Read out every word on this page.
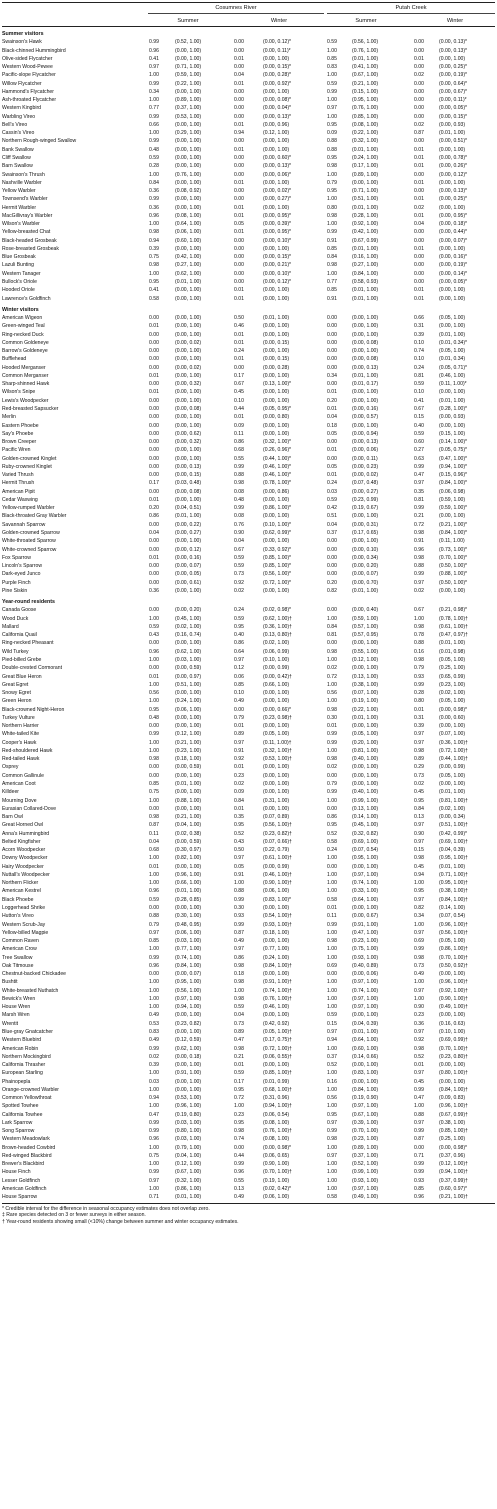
Cosumnes River	Putah Creek
Summer	Winter	Summer	Winter
Summer visitors
Swainson's Hawk	0.99	(0.52, 1.00)	0.00	(0.00, 0.12)*	0.59	(0.56, 1.00)	0.00	(0.00, 0.13)*
Black-chinned Hummingbird	0.96	(0.00, 1.00)	0.00	(0.00, 0.11)*	1.00	(0.76, 1.00)	0.00	(0.00, 0.13)*
Olive-sided Flycatcher	0.41	(0.00, 1.00)	0.01	(0.00, 1.00)	0.85	(0.01, 1.00)	0.01	(0.00, 1.00)
Western Wood-Pewee	0.97	(0.71, 1.00)	0.00	(0.00, 0.15)*	0.83	(0.41, 1.00)	0.00	(0.00, 0.25)*
Pacific-slope Flycatcher	1.00	(0.59, 1.00)	0.04	(0.00, 0.28)*	1.00	(0.67, 1.00)	0.02	(0.00, 0.19)*
Willow Flycatcher	0.99	(0.22, 1.00)	0.01	(0.00, 0.92)*	0.59	(0.21, 1.00)	0.00	(0.00, 0.64)*
Hammond's Flycatcher	0.34	(0.00, 1.00)	0.00	(0.00, 1.00)	0.99	(0.15, 1.00)	0.00	(0.00, 0.67)*
Ash-throated Flycatcher	1.00	(0.89, 1.00)	0.00	(0.00, 0.08)*	1.00	(0.95, 1.00)	0.00	(0.00, 0.11)*
Western Kingbird	0.77	(0.37, 1.00)	0.00	(0.00, 0.04)*	0.97	(0.76, 1.00)	0.00	(0.00, 0.05)*
Warbling Vireo	0.99	(0.53, 1.00)	0.00	(0.00, 0.13)*	1.00	(0.85, 1.00)	0.00	(0.00, 0.15)*
Bell's Vireo	0.66	(0.00, 1.00)	0.01	(0.00, 0.96)	0.95	(0.08, 1.00)	0.02	(0.00, 0.93)
Cassin's Vireo	1.00	(0.29, 1.00)	0.94	(0.12, 1.00)	0.09	(0.22, 1.00)	0.87	(0.01, 1.00)
Northern Rough-winged Swallow	0.99	(0.00, 1.00)	0.00	(0.00, 1.00)	0.88	(0.32, 1.00)	0.00	(0.00, 0.51)*
Bank Swallow	0.48	(0.00, 1.00)	0.01	(0.00, 1.00)	0.88	(0.01, 1.00)	0.01	(0.00, 1.00)
Cliff Swallow	0.59	(0.00, 1.00)	0.00	(0.00, 0.60)*	0.95	(0.24, 1.00)	0.01	(0.00, 0.78)*
Barn Swallow	0.28	(0.00, 1.00)	0.00	(0.00, 0.13)*	0.98	(0.17, 1.00)	0.01	(0.00, 0.26)*
Swainson's Thrush	1.00	(0.76, 1.00)	0.00	(0.00, 0.06)*	1.00	(0.89, 1.00)	0.00	(0.00, 0.12)*
Nashville Warbler	0.84	(0.00, 1.00)	0.01	(0.00, 1.00)	0.79	(0.00, 1.00)	0.01	(0.00, 1.00)
Yellow Warbler	0.36	(0.08, 0.92)	0.00	(0.00, 0.02)*	0.95	(0.71, 1.00)	0.00	(0.00, 0.13)*
Townsend's Warbler	0.99	(0.00, 1.00)	0.00	(0.00, 0.27)*	1.00	(0.51, 1.00)	0.01	(0.00, 0.25)*
Hermit Warbler	0.36	(0.00, 1.00)	0.01	(0.00, 1.00)	0.80	(0.01, 1.00)	0.02	(0.00, 1.00)
MacGillivray's Warbler	0.96	(0.08, 1.00)	0.01	(0.00, 0.95)*	0.98	(0.28, 1.00)	0.01	(0.00, 0.95)*
Wilson's Warbler	1.00	(0.64, 1.00)	0.05	(0.00, 0.39)*	1.00	(0.92, 1.00)	0.04	(0.00, 0.18)*
Yellow-breasted Chat	0.98	(0.06, 1.00)	0.01	(0.00, 0.95)*	0.99	(0.42, 1.00)	0.00	(0.00, 0.44)*
Black-headed Grosbeak	0.94	(0.60, 1.00)	0.00	(0.00, 0.10)*	0.91	(0.67, 0.99)	0.00	(0.00, 0.07)*
Rose-breasted Grosbeak	0.39	(0.00, 1.00)	0.00	(0.00, 1.00)	0.85	(0.01, 1.00)	0.01	(0.00, 1.00)
Blue Grosbeak	0.75	(0.42, 1.00)	0.00	(0.00, 0.15)*	0.84	(0.16, 1.00)	0.00	(0.00, 0.16)*
Lazuli Bunting	0.98	(0.27, 1.00)	0.00	(0.00, 0.21)*	0.98	(0.27, 1.00)	0.00	(0.00, 0.19)*
Western Tanager	1.00	(0.62, 1.00)	0.00	(0.00, 0.10)*	1.00	(0.84, 1.00)	0.00	(0.00, 0.14)*
Bullock's Oriole	0.95	(0.01, 1.00)	0.00	(0.00, 0.12)*	0.77	(0.58, 0.93)	0.00	(0.00, 0.05)*
Hooded Oriole	0.41	(0.00, 1.00)	0.01	(0.00, 1.00)	0.85	(0.01, 1.00)	0.01	(0.00, 1.00)
Lawrence's Goldfinch	0.58	(0.00, 1.00)	0.01	(0.00, 1.00)	0.91	(0.01, 1.00)	0.01	(0.00, 1.00)
Winter visitors
American Wigeon	0.00	(0.00, 1.00)	0.50	(0.01, 1.00)	0.00	(0.00, 1.00)	0.66	(0.05, 1.00)
Green-winged Teal	0.01	(0.00, 1.00)	0.46	(0.00, 1.00)	0.00	(0.00, 1.00)	0.31	(0.00, 1.00)
Ring-necked Duck	0.00	(0.00, 1.00)	0.01	(0.00, 1.00)	0.00	(0.00, 1.00)	0.39	(0.01, 1.00)
Common Goldeneye	0.00	(0.00, 0.02)	0.01	(0.00, 0.15)	0.00	(0.00, 0.08)	0.10	(0.01, 0.34)*
Barrow's Goldeneye	0.00	(0.00, 1.00)	0.24	(0.00, 1.00)	0.00	(0.00, 1.00)	0.74	(0.05, 1.00)
Bufflehead	0.00	(0.00, 1.00)	0.01	(0.00, 0.15)	0.00	(0.00, 0.08)	0.10	(0.01, 0.34)
Hooded Merganser	0.00	(0.00, 0.02)	0.00	(0.00, 0.28)	0.00	(0.00, 0.13)	0.24	(0.05, 0.71)*
Common Merganser	0.01	(0.00, 1.00)	0.17	(0.00, 1.00)	0.34	(0.01, 1.00)	0.81	(0.46, 1.00)
Sharp-shinned Hawk	0.00	(0.00, 0.32)	0.67	(0.13, 1.00)*	0.00	(0.01, 0.17)	0.59	(0.11, 1.00)*
Wilson's Snipe	0.01	(0.00, 1.00)	0.45	(0.00, 1.00)	0.01	(0.00, 1.00)	0.10	(0.00, 1.00)
Lewis's Woodpecker	0.00	(0.00, 1.00)	0.10	(0.00, 1.00)	0.20	(0.00, 1.00)	0.41	(0.01, 1.00)
Red-breasted Sapsucker	0.00	(0.00, 0.08)	0.44	(0.05, 0.95)*	0.01	(0.00, 0.16)	0.67	(0.28, 1.00)*
Merlin	0.00	(0.00, 1.00)	0.01	(0.00, 0.80)	0.04	(0.00, 0.57)	0.15	(0.00, 0.93)
Eastern Phoebe	0.00	(0.00, 1.00)	0.09	(0.00, 1.00)	0.18	(0.00, 1.00)	0.40	(0.00, 1.00)
Say's Phoebe	0.00	(0.00, 0.62)	0.11	(0.00, 1.00)	0.05	(0.00, 0.94)	0.59	(0.15, 1.00)
Brown Creeper	0.00	(0.00, 0.32)	0.86	(0.32, 1.00)*	0.00	(0.00, 0.13)	0.60	(0.14, 1.00)*
Pacific Wren	0.00	(0.00, 1.00)	0.68	(0.26, 0.96)*	0.01	(0.00, 0.06)	0.27	(0.05, 0.75)*
Golden-crowned Kinglet	0.00	(0.00, 1.00)	0.55	(0.44, 1.00)*	0.00	(0.00, 0.11)	0.63	(0.47, 1.00)*
Ruby-crowned Kinglet	0.00	(0.00, 0.13)	0.99	(0.46, 1.00)*	0.05	(0.00, 0.23)	0.99	(0.94, 1.00)*
Varied Thrush	0.00	(0.00, 0.15)	0.88	(0.46, 1.00)*	0.01	(0.00, 0.02)	0.47	(0.15, 0.96)*
Hermit Thrush	0.17	(0.03, 0.48)	0.98	(0.78, 1.00)*	0.24	(0.07, 0.48)	0.97	(0.84, 1.00)*
American Pipit	0.00	(0.00, 0.08)	0.08	(0.00, 0.86)	0.03	(0.00, 0.27)	0.35	(0.06, 0.98)
Cedar Waxwing	0.01	(0.00, 1.00)	0.48	(0.00, 1.00)	0.59	(0.23, 0.99)	0.81	(0.59, 1.00)
Yellow-rumped Warbler	0.20	(0.04, 0.51)	0.99	(0.86, 1.00)*	0.42	(0.19, 0.67)	0.99	(0.59, 1.00)*
Black-throated Gray Warbler	0.86	(0.01, 1.00)	0.08	(0.00, 1.00)	0.51	(0.00, 1.00)	0.21	(0.00, 1.00)
Savannah Sparrow	0.00	(0.00, 0.22)	0.76	(0.10, 1.00)*	0.04	(0.00, 0.31)	0.72	(0.21, 1.00)*
Golden-crowned Sparrow	0.04	(0.00, 0.27)	0.90	(0.62, 0.99)*	0.37	(0.17, 0.65)	0.98	(0.84, 1.00)*
White-throated Sparrow	0.00	(0.00, 1.00)	0.04	(0.00, 1.00)	0.00	(0.00, 1.00)	0.91	(0.11, 1.00)
White-crowned Sparrow	0.00	(0.00, 0.12)	0.67	(0.33, 0.92)*	0.00	(0.00, 0.10)	0.96	(0.73, 1.00)*
Fox Sparrow	0.01	(0.00, 0.16)	0.59	(0.85, 1.00)*	0.00	(0.00, 0.34)	0.98	(0.70, 1.00)*
Lincoln's Sparrow	0.00	(0.00, 0.07)	0.59	(0.85, 1.00)*	0.00	(0.00, 0.20)	0.88	(0.50, 1.00)*
Dark-eyed Junco	0.00	(0.00, 0.05)	0.73	(0.56, 1.00)*	0.00	(0.00, 0.07)	0.99	(0.88, 1.00)*
Purple Finch	0.00	(0.00, 0.61)	0.92	(0.72, 1.00)*	0.20	(0.00, 0.70)	0.97	(0.50, 1.00)*
Pine Siskin	0.36	(0.00, 1.00)	0.02	(0.00, 1.00)	0.82	(0.01, 1.00)	0.02	(0.00, 1.00)
Year-round residents
Canada Goose	0.00	(0.00, 0.20)	0.24	(0.02, 0.98)*	0.00	(0.00, 0.40)	0.67	(0.21, 0.98)*
Wood Duck	1.00	(0.45, 1.00)	0.59	(0.62, 1.00)†	1.00	(0.59, 1.00)	1.00	(0.78, 1.00)†
Mallard	0.59	(0.02, 1.00)	0.95	(0.36, 1.00)†	0.84	(0.57, 1.00)	0.98	(0.61, 1.00)†
California Quail	0.43	(0.16, 0.74)	0.40	(0.13, 0.80)†	0.81	(0.57, 0.95)	0.78	(0.47, 0.97)†
Ring-necked Pheasant	0.00	(0.00, 1.00)	0.86	(0.02, 1.00)	0.00	(0.00, 1.00)	0.88	(0.01, 1.00)
Wild Turkey	0.96	(0.62, 1.00)	0.64	(0.06, 0.99)	0.98	(0.55, 1.00)	0.16	(0.01, 0.98)
Pied-billed Grebe	1.00	(0.03, 1.00)	0.97	(0.10, 1.00)	1.00	(0.12, 1.00)	0.98	(0.05, 1.00)
Double-crested Cormorant	0.00	(0.00, 0.59)	0.12	(0.00, 0.99)	0.02	(0.00, 1.00)	0.79	(0.25, 1.00)
Great Blue Heron	0.01	(0.00, 0.97)	0.06	(0.00, 0.42)†	0.72	(0.13, 1.00)	0.93	(0.65, 0.99)
Great Egret	1.00	(0.51, 1.00)	0.85	(0.66, 1.00)	1.00	(0.38, 1.00)	0.99	(0.23, 1.00)
Snowy Egret	0.56	(0.00, 1.00)	0.10	(0.00, 1.00)	0.56	(0.07, 1.00)	0.28	(0.02, 1.00)
Green Heron	1.00	(0.24, 1.00)	0.49	(0.00, 1.00)	1.00	(0.19, 1.00)	0.80	(0.05, 1.00)
Black-crowned Night-Heron	0.95	(0.06, 1.00)	0.00	(0.00, 0.66)*	0.98	(0.22, 1.00)	0.01	(0.00, 0.98)*
Turkey Vulture	0.48	(0.00, 1.00)	0.79	(0.23, 0.98)†	0.30	(0.01, 1.00)	0.31	(0.00, 0.60)
Northern Harrier	0.00	(0.00, 1.00)	0.01	(0.00, 1.00)	0.01	(0.00, 1.00)	0.39	(0.00, 1.00)
White-tailed Kite	0.99	(0.12, 1.00)	0.89	(0.05, 1.00)	0.99	(0.05, 1.00)	0.97	(0.07, 1.00)
Cooper's Hawk	1.00	(0.21, 1.00)	0.97	(0.11, 1.00)†	0.99	(0.20, 1.00)	0.97	(0.36, 1.00)†
Red-shouldered Hawk	1.00	(0.23, 1.00)	0.91	(0.32, 1.00)†	1.00	(0.81, 1.00)	0.98	(0.72, 1.00)†
Red-tailed Hawk	0.98	(0.18, 1.00)	0.92	(0.53, 1.00)†	0.98	(0.40, 1.00)	0.89	(0.44, 1.00)†
Osprey	0.00	(0.00, 0.59)	0.01	(0.00, 1.00)	0.02	(0.00, 1.00)	0.29	(0.00, 0.99)
Common Gallinule	0.00	(0.00, 1.00)	0.23	(0.00, 1.00)	0.00	(0.00, 1.00)	0.73	(0.05, 1.00)
American Coot	0.85	(0.01, 1.00)	0.02	(0.00, 1.00)	0.79	(0.00, 1.00)	0.02	(0.00, 1.00)
Killdeer	0.75	(0.00, 1.00)	0.09	(0.00, 1.00)	0.99	(0.40, 1.00)	0.45	(0.01, 1.00)
Mourning Dove	1.00	(0.88, 1.00)	0.84	(0.31, 1.00)	1.00	(0.99, 1.00)	0.95	(0.81, 1.00)†
Eurasian Collared-Dove	0.00	(0.00, 1.00)	0.01	(0.00, 1.00)	0.00	(0.13, 1.00)	0.84	(0.02, 1.00)
Barn Owl	0.98	(0.21, 1.00)	0.35	(0.07, 0.89)	0.86	(0.14, 1.00)	0.13	(0.00, 0.34)
Great Horned Owl	0.87	(0.04, 1.00)	0.95	(0.56, 1.00)†	0.95	(0.45, 1.00)	0.97	(0.51, 1.00)†
Anna's Hummingbird	0.11	(0.02, 0.38)	0.52	(0.23, 0.82)†	0.52	(0.32, 0.82)	0.90	(0.42, 0.99)*
Belted Kingfisher	0.04	(0.00, 0.59)	0.43	(0.07, 0.66)†	0.58	(0.69, 1.00)	0.97	(0.69, 1.00)†
Acorn Woodpecker	0.68	(0.30, 0.97)	0.50	(0.22, 0.79)	0.24	(0.07, 0.54)	0.15	(0.04, 0.39)
Downy Woodpecker	1.00	(0.82, 1.00)	0.97	(0.61, 1.00)†	1.00	(0.95, 1.00)	0.98	(0.95, 1.00)†
Hairy Woodpecker	0.01	(0.00, 1.00)	0.05	(0.00, 0.99)	0.00	(0.00, 1.00)	0.45	(0.01, 1.00)
Nuttall's Woodpecker	1.00	(0.96, 1.00)	0.91	(0.46, 1.00)†	1.00	(0.97, 1.00)	0.94	(0.71, 1.00)†
Northern Flicker	1.00	(0.66, 1.00)	1.00	(0.90, 1.00)†	1.00	(0.74, 1.00)	1.00	(0.95, 1.00)†
American Kestrel	0.96	(0.01, 1.00)	0.88	(0.06, 1.00)	1.00	(0.33, 1.00)	0.95	(0.38, 1.00)†
Black Phoebe	0.59	(0.28, 0.85)	0.99	(0.83, 1.00)*	0.58	(0.64, 1.00)	0.97	(0.84, 1.00)†
Loggerhead Shrike	0.00	(0.00, 1.00)	0.30	(0.00, 1.00)	0.01	(0.00, 1.00)	0.82	(0.14, 1.00)
Hutton's Vireo	0.88	(0.30, 1.00)	0.93	(0.54, 1.00)†	0.11	(0.00, 0.67)	0.34	(0.07, 0.54)
Western Scrub-Jay	0.79	(0.48, 0.95)	0.99	(0.93, 1.00)†	0.99	(0.91, 1.00)	1.00	(0.96, 1.00)†
Yellow-billed Magpie	0.97	(0.06, 1.00)	0.87	(0.18, 1.00)	1.00	(0.47, 1.00)	0.97	(0.56, 1.00)†
Common Raven	0.85	(0.03, 1.00)	0.49	(0.00, 1.00)	0.98	(0.23, 1.00)	0.69	(0.05, 1.00)
American Crow	1.00	(0.77, 1.00)	0.97	(0.77, 1.00)	1.00	(0.75, 1.00)	0.99	(0.86, 1.00)†
Tree Swallow	0.99	(0.74, 1.00)	0.86	(0.24, 1.00)	1.00	(0.93, 1.00)	0.98	(0.70, 1.00)†
Oak Titmouse	0.96	(0.84, 1.00)	0.98	(0.84, 1.00)†	0.69	(0.40, 0.89)	0.73	(0.50, 0.92)†
Chestnut-backed Chickadee	0.00	(0.00, 0.07)	0.18	(0.00, 1.00)	0.00	(0.00, 0.06)	0.49	(0.00, 1.00)
Bushtit	1.00	(0.95, 1.00)	0.98	(0.91, 1.00)†	1.00	(0.97, 1.00)	1.00	(0.96, 1.00)†
White-breasted Nuthatch	1.00	(0.56, 1.00)	1.00	(0.74, 1.00)†	1.00	(0.74, 1.00)	0.97	(0.92, 1.00)†
Bewick's Wren	1.00	(0.97, 1.00)	0.98	(0.76, 1.00)†	1.00	(0.97, 1.00)	1.00	(0.90, 1.00)†
House Wren	1.00	(0.94, 1.00)	0.59	(0.46, 1.00)	1.00	(0.97, 1.00)	0.90	(0.49, 1.00)†
Marsh Wren	0.49	(0.00, 1.00)	0.04	(0.00, 1.00)	0.59	(0.00, 1.00)	0.23	(0.00, 1.00)
Wrentit	0.53	(0.23, 0.82)	0.73	(0.42, 0.92)	0.15	(0.04, 0.39)	0.36	(0.16, 0.63)
Blue-gray Gnatcatcher	0.83	(0.00, 1.00)	0.89	(0.05, 1.00)†	0.97	(0.01, 1.00)	0.97	(0.10, 1.00)
Western Bluebird	0.49	(0.12, 0.59)	0.47	(0.17, 0.75)†	0.94	(0.64, 1.00)	0.92	(0.69, 0.99)†
American Robin	0.99	(0.62, 1.00)	0.98	(0.72, 1.00)†	1.00	(0.60, 1.00)	0.98	(0.70, 1.00)†
Northern Mockingbird	0.02	(0.00, 0.18)	0.21	(0.06, 0.55)†	0.37	(0.14, 0.66)	0.52	(0.23, 0.80)†
California Thrasher	0.39	(0.00, 1.00)	0.01	(0.00, 1.00)	0.52	(0.00, 1.00)	0.01	(0.00, 1.00)
European Starling	1.00	(0.91, 1.00)	0.59	(0.85, 1.00)†	1.00	(0.83, 1.00)	0.97	(0.80, 1.00)†
Phainopepla	0.03	(0.00, 1.00)	0.17	(0.01, 0.99)	0.16	(0.00, 1.00)	0.45	(0.00, 1.00)
Orange-crowned Warbler	1.00	(0.00, 1.00)	0.95	(0.68, 1.00)†	1.00	(0.84, 1.00)	0.99	(0.84, 1.00)†
Common Yellowthroat	0.94	(0.53, 1.00)	0.72	(0.31, 0.96)	0.56	(0.19, 0.90)	0.47	(0.09, 0.83)
Spotted Towhee	1.00	(0.96, 1.00)	1.00	(0.94, 1.00)†	1.00	(0.97, 1.00)	1.00	(0.96, 1.00)†
California Towhee	0.47	(0.19, 0.80)	0.23	(0.06, 0.54)	0.95	(0.67, 1.00)	0.88	(0.67, 0.99)†
Lark Sparrow	0.99	(0.03, 1.00)	0.95	(0.08, 1.00)	0.97	(0.39, 1.00)	0.97	(0.38, 1.00)
Song Sparrow	0.99	(0.80, 1.00)	0.98	(0.76, 1.00)†	0.99	(0.70, 1.00)	0.99	(0.85, 1.00)†
Western Meadowlark	0.96	(0.03, 1.00)	0.74	(0.08, 1.00)	0.98	(0.23, 1.00)	0.87	(0.25, 1.00)
Brown-headed Cowbird	1.00	(0.79, 1.00)	0.00	(0.00, 0.98)*	1.00	(0.89, 1.00)	0.00	(0.00, 0.98)*
Red-winged Blackbird	0.75	(0.04, 1.00)	0.44	(0.06, 0.65)	0.97	(0.37, 1.00)	0.71	(0.37, 0.96)
Brewer's Blackbird	1.00	(0.12, 1.00)	0.99	(0.90, 1.00)	1.00	(0.52, 1.00)	0.99	(0.12, 1.00)†
House Finch	0.99	(0.67, 1.00)	0.96	(0.70, 1.00)†	1.00	(0.99, 1.00)	0.99	(0.94, 1.00)†
Lesser Goldfinch	0.97	(0.32, 1.00)	0.55	(0.19, 1.00)	1.00	(0.93, 1.00)	0.93	(0.37, 0.99)†
American Goldfinch	1.00	(0.86, 1.00)	0.13	(0.02, 0.42)*	1.00	(0.97, 1.00)	0.85	(0.60, 0.97)*
House Sparrow	0.71	(0.01, 1.00)	0.49	(0.06, 1.00)	0.58	(0.49, 1.00)	0.96	(0.21, 1.00)†
* Credible interval for the difference in seasonal occupancy estimates does not overlap zero.
‡ Rare species detected on 3 or fewer surveys in either season.
† Year-round residents showing small (<10%) change between summer and winter occupancy estimates.
